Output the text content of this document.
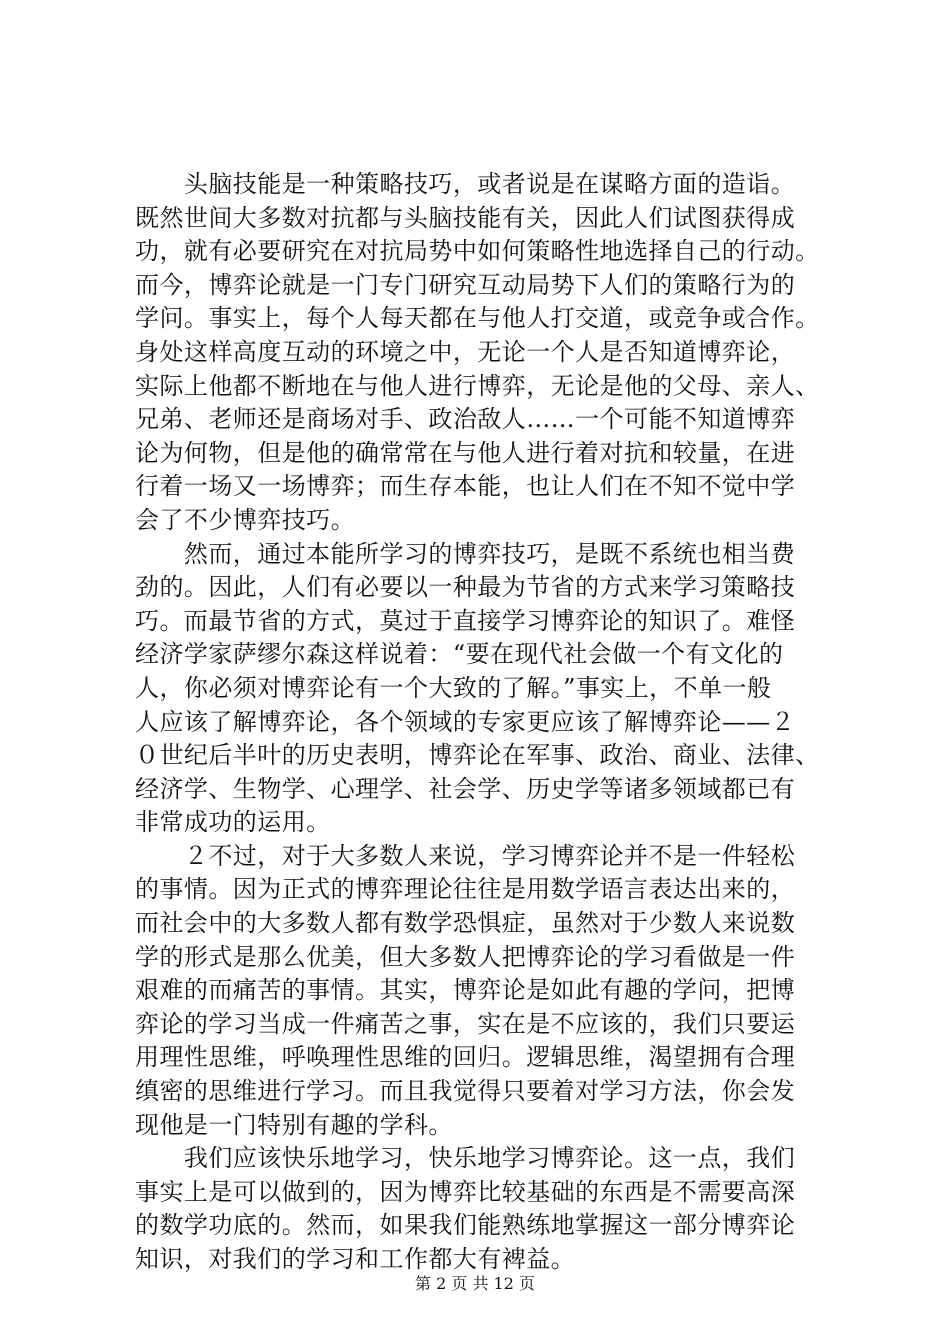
　　头脑技能是一种策略技巧，或者说是在谋略方面的造诣。
既然世间大多数对抗都与头脑技能有关，因此人们试图获得成
功，就有必要研究在对抗局势中如何策略性地选择自己的行动。
而今，博弈论就是一门专门研究互动局势下人们的策略行为的
学问。事实上，每个人每天都在与他人打交道，或竞争或合作。
身处这样高度互动的环境之中，无论一个人是否知道博弈论，
实际上他都不断地在与他人进行博弈，无论是他的父母、亲人、
兄弟、老师还是商场对手、政治敌人……一个可能不知道博弈
论为何物，但是他的确常常在与他人进行着对抗和较量，在进
行着一场又一场博弈；而生存本能，也让人们在不知不觉中学
会了不少博弈技巧。
　　然而，通过本能所学习的博弈技巧，是既不系统也相当费
劲的。因此，人们有必要以一种最为节省的方式来学习策略技
巧。而最节省的方式，莫过于直接学习博弈论的知识了。难怪
经济学家萨缪尔森这样说着：“要在现代社会做一个有文化的
人，你必须对博弈论有一个大致的了解。”事实上，不单一般
人应该了解博弈论，各个领域的专家更应该了解博弈论——２
０世纪后半叶的历史表明，博弈论在军事、政治、商业、法律、
经济学、生物学、心理学、社会学、历史学等诸多领域都已有
非常成功的运用。
　　２不过，对于大多数人来说，学习博弈论并不是一件轻松
的事情。因为正式的博弈理论往往是用数学语言表达出来的，
而社会中的大多数人都有数学恐惧症，虽然对于少数人来说数
学的形式是那么优美，但大多数人把博弈论的学习看做是一件
艰难的而痛苦的事情。其实，博弈论是如此有趣的学问，把博
弈论的学习当成一件痛苦之事，实在是不应该的，我们只要运
用理性思维，呼唤理性思维的回归。逻辑思维，渴望拥有合理
缜密的思维进行学习。而且我觉得只要着对学习方法，你会发
现他是一门特别有趣的学科。
　　我们应该快乐地学习，快乐地学习博弈论。这一点，我们
事实上是可以做到的，因为博弈比较基础的东西是不需要高深
的数学功底的。然而，如果我们能熟练地掌握这一部分博弈论
知识，对我们的学习和工作都大有裨益。
第 2 页 共 12 页
